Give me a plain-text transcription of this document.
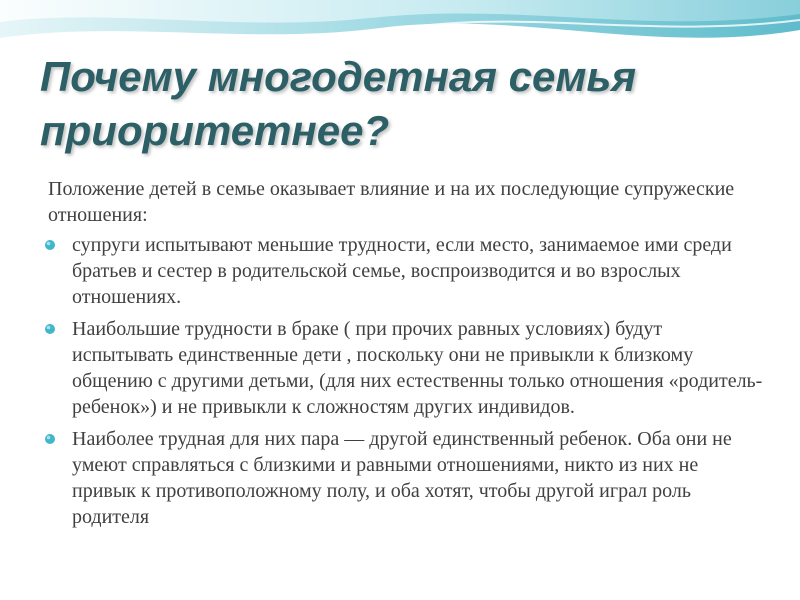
Почему многодетная семья приоритетнее?
Положение детей в семье оказывает влияние и на их последующие супружеские отношения:
супруги испытывают меньшие трудности, если место, занимаемое ими среди братьев и сестер в родительской семье, воспроизводится и во взрослых отношениях.
Наибольшие трудности в браке ( при прочих равных условиях) будут испытывать единственные дети , поскольку они не привыкли к близкому общению с другими детьми, (для них естественны только отношения «родитель-ребенок») и не привыкли к сложностям других индивидов.
Наиболее трудная для них пара — другой единственный ребенок. Оба они не умеют справляться с близкими и равными отношениями, никто из них не привык к противоположному полу, и оба хотят, чтобы другой играл роль родителя
